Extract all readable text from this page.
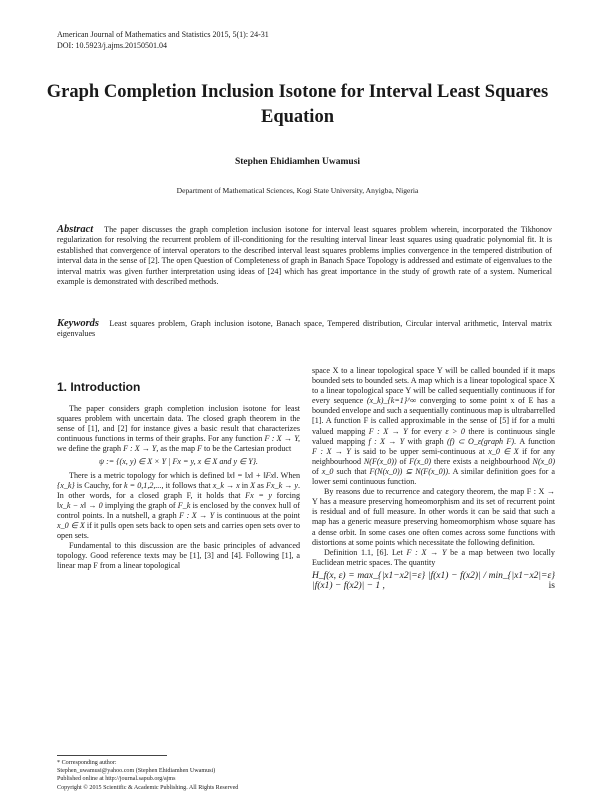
American Journal of Mathematics and Statistics 2015, 5(1): 24-31
DOI: 10.5923/j.ajms.20150501.04
Graph Completion Inclusion Isotone for Interval Least Squares Equation
Stephen Ehidiamhen Uwamusi
Department of Mathematical Sciences, Kogi State University, Anyigba, Nigeria
Abstract The paper discusses the graph completion inclusion isotone for interval least squares problem wherein, incorporated the Tikhonov regularization for resolving the recurrent problem of ill-conditioning for the resulting interval linear least squares using quadratic polynomial fit. It is established that convergence of interval operators to the described interval least squares problems implies convergence in the tempered distribution of interval data in the sense of [2]. The open Question of Completeness of graph in Banach Space Topology is addressed and estimate of eigenvalues to the interval matrix was given further interpretation using ideas of [24] which has great importance in the study of growth rate of a system. Numerical example is demonstrated with described methods.
Keywords Least squares problem, Graph inclusion isotone, Banach space, Tempered distribution, Circular interval arithmetic, Interval matrix eigenvalues
1. Introduction

The paper considers graph completion inclusion isotone for least squares problem with uncertain data. The closed graph theorem in the sense of [1], and [2] for instance gives a basic result that characterizes continuous functions in terms of their graphs. For any function F : X → Y, we define the graph F : X → Y, as the map F to be the Cartesian product

ψ := {(x, y) ∈ X × Y | Fx = y, x ∈ X and y ∈ Y}.

There is a metric topology for which is defined ‖x‖ = ‖x‖ + ‖Fx‖. When {x_k} is Cauchy, for k = 0,1,2,..., it follows that x_k → x in X as Fx_k → y. In other words, for a closed graph F, it holds that Fx = y forcing ‖x_k − x‖ → 0 implying the graph of F_k is enclosed by the convex hull of control points. In a nutshell, a graph F : X → Y is continuous at the point x_0 ∈ X if it pulls open sets back to open sets and carries open sets over to open sets.

Fundamental to this discussion are the basic principles of advanced topology. Good reference texts may be [1], [3] and [4]. Following [1], a linear map F from a linear topological

space X to a linear topological space Y will be called bounded if it maps bounded sets to bounded sets. A map which is a linear topological space X to a linear topological space Y will be called sequentially continuous if for every sequence (x_k)_{k=1}^∞ converging to some point x of E has a bounded envelope and such a sequentially continuous map is ultrabarrelled [1]. A function F is called approximable in the sense of [5] if for a multi valued mapping F : X → Y for every ε > 0 there is continuous single valued mapping f : X → Y with graph (f) ⊂ O_ε(graph F). A function F : X → Y is said to be upper semi-continuous at x_0 ∈ X if for any neighbourhood N(F(x_0)) of F(x_0) there exists a neighbourhood N(x_0) of x_0 such that F(N(x_0)) ⊆ N(F(x_0)). A similar definition goes for a lower semi continuous function.

By reasons due to recurrence and category theorem, the map F : X → Y has a measure preserving homeomorphism and its set of recurrent point is residual and of full measure. In other words it can be said that such a map has a generic measure preserving homeomorphism whose square has a dense orbit. In some cases one often comes across some functions with distortions at some points which necessitate the following definition.

Definition 1.1, [6]. Let F : X → Y be a map between two locally Euclidean metric spaces. The quantity

H_f(x, ε) = max_{|x1−x2|=ε} |f(x1) − f(x2)| / min_{|x1−x2|=ε} |f(x1) − f(x2)| − 1 ,	is

* Corresponding author:
Stephen_uwamusi@yahoo.com (Stephen Ehidiamhen Uwamusi)
Published online at http://journal.sapub.org/ajms
Copyright © 2015 Scientific & Academic Publishing. All Rights Reserved
